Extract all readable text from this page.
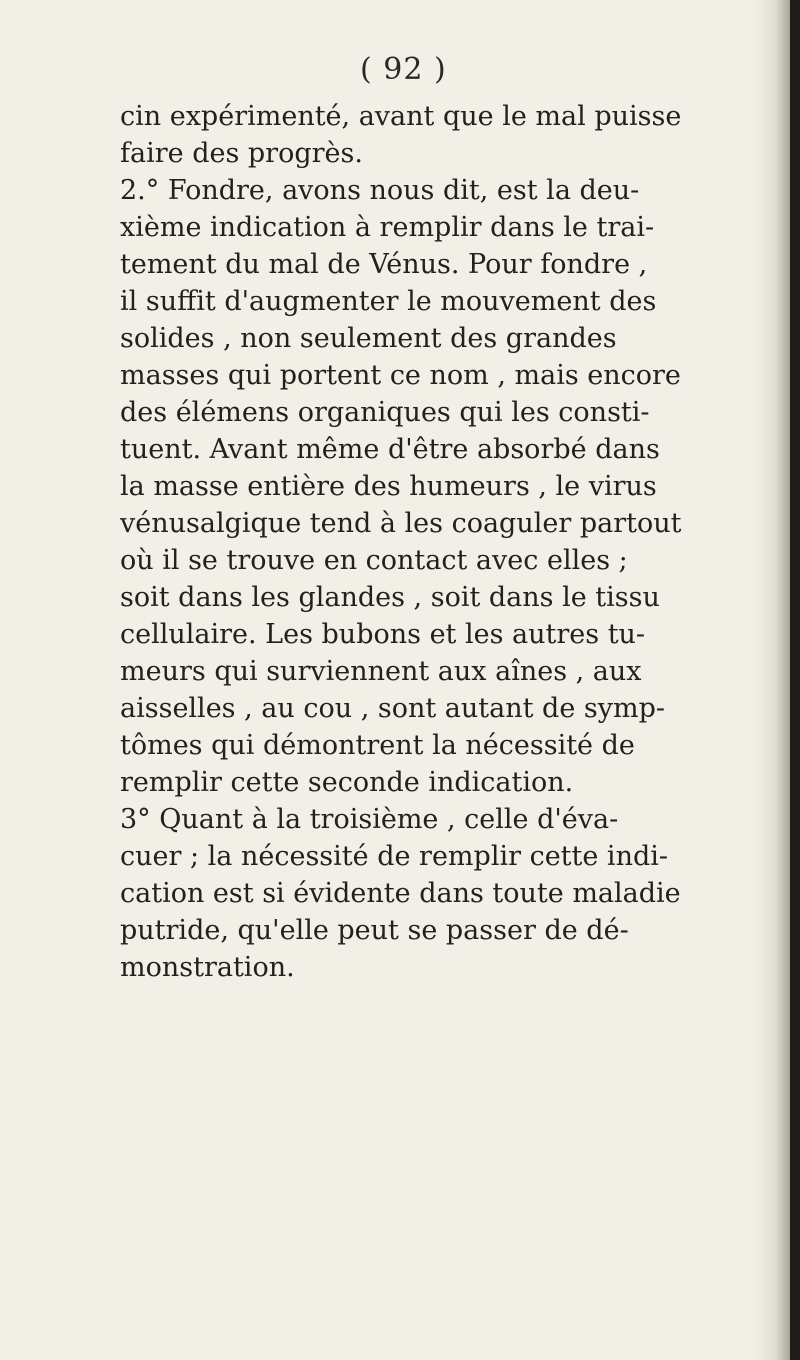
( 92 )
cin expérimenté, avant que le mal puisse
faire des progrès.
2.° Fondre, avons nous dit, est la deu-
xième indication à remplir dans le trai-
tement du mal de Vénus. Pour fondre ,
il suffit d'augmenter le mouvement des
solides , non seulement des grandes
masses qui portent ce nom , mais encore
des élémens organiques qui les consti-
tuent. Avant même d'être absorbé dans
la masse entière des humeurs , le virus
vénusalgique tend à les coaguler partout
où il se trouve en contact avec elles ;
soit dans les glandes , soit dans le tissu
cellulaire. Les bubons et les autres tu-
meurs qui surviennent aux aînes , aux
aisselles , au cou , sont autant de symp-
tômes qui démontrent la nécessité de
remplir cette seconde indication.
3° Quant à la troisième , celle d'éva-
cuer ; la nécessité de remplir cette indi-
cation est si évidente dans toute maladie
putride, qu'elle peut se passer de dé-
monstration.
